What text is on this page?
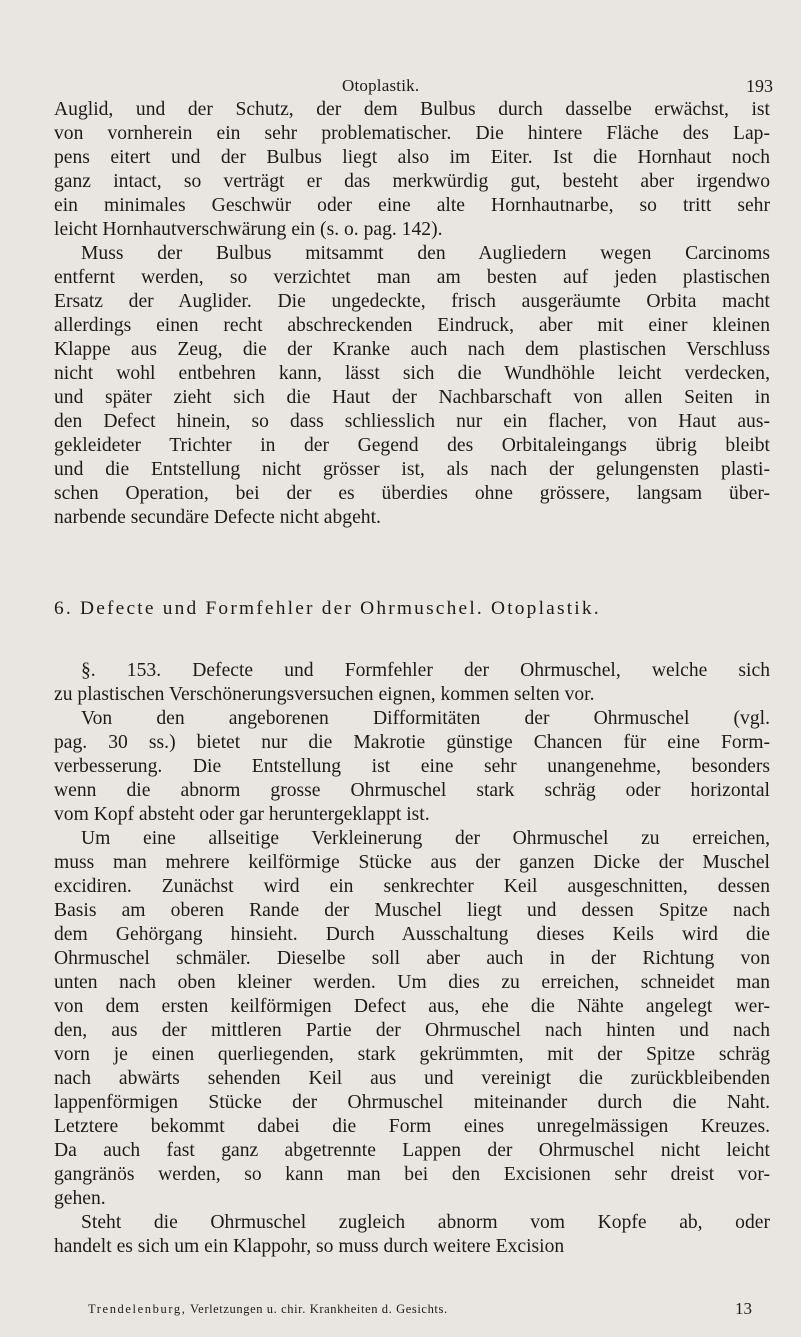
Otoplastik.	193

Auglid, und der Schutz, der dem Bulbus durch dasselbe erwächst, ist
von vornherein ein sehr problematischer. Die hintere Fläche des Lap-
pens eitert und der Bulbus liegt also im Eiter. Ist die Hornhaut noch
ganz intact, so verträgt er das merkwürdig gut, besteht aber irgendwo
ein minimales Geschwür oder eine alte Hornhautnarbe, so tritt sehr
leicht Hornhautverschwärung ein (s. o. pag. 142).

Muss der Bulbus mitsammt den Augliedern wegen Carcinoms
entfernt werden, so verzichtet man am besten auf jeden plastischen
Ersatz der Auglider. Die ungedeckte, frisch ausgeräumte Orbita macht
allerdings einen recht abschreckenden Eindruck, aber mit einer kleinen
Klappe aus Zeug, die der Kranke auch nach dem plastischen Verschluss
nicht wohl entbehren kann, lässt sich die Wundhöhle leicht verdecken,
und später zieht sich die Haut der Nachbarschaft von allen Seiten in
den Defect hinein, so dass schliesslich nur ein flacher, von Haut aus-
gekleideter Trichter in der Gegend des Orbitaleingangs übrig bleibt
und die Entstellung nicht grösser ist, als nach der gelungensten plasti-
schen Operation, bei der es überdies ohne grössere, langsam über-
narbende secundäre Defecte nicht abgeht.

6. Defecte und Formfehler der Ohrmuschel. Otoplastik.

§. 153. Defecte und Formfehler der Ohrmuschel, welche sich
zu plastischen Verschönerungsversuchen eignen, kommen selten vor.

Von den angeborenen Difformitäten der Ohrmuschel (vgl.
pag. 30 ss.) bietet nur die Makrotie günstige Chancen für eine Form-
verbesserung. Die Entstellung ist eine sehr unangenehme, besonders
wenn die abnorm grosse Ohrmuschel stark schräg oder horizontal
vom Kopf absteht oder gar heruntergeklappt ist.

Um eine allseitige Verkleinerung der Ohrmuschel zu erreichen,
muss man mehrere keilförmige Stücke aus der ganzen Dicke der Muschel
excidiren. Zunächst wird ein senkrechter Keil ausgeschnitten, dessen
Basis am oberen Rande der Muschel liegt und dessen Spitze nach
dem Gehörgang hinsieht. Durch Ausschaltung dieses Keils wird die
Ohrmuschel schmäler. Dieselbe soll aber auch in der Richtung von
unten nach oben kleiner werden. Um dies zu erreichen, schneidet man
von dem ersten keilförmigen Defect aus, ehe die Nähte angelegt wer-
den, aus der mittleren Partie der Ohrmuschel nach hinten und nach
vorn je einen querliegenden, stark gekrümmten, mit der Spitze schräg
nach abwärts sehenden Keil aus und vereinigt die zurückbleibenden
lappenförmigen Stücke der Ohrmuschel miteinander durch die Naht.
Letztere bekommt dabei die Form eines unregelmässigen Kreuzes.
Da auch fast ganz abgetrennte Lappen der Ohrmuschel nicht leicht
gangränös werden, so kann man bei den Excisionen sehr dreist vor-
gehen.

Steht die Ohrmuschel zugleich abnorm vom Kopfe ab, oder
handelt es sich um ein Klappohr, so muss durch weitere Excision

Trendelenburg, Verletzungen u. chir. Krankheiten d. Gesichts.	13
